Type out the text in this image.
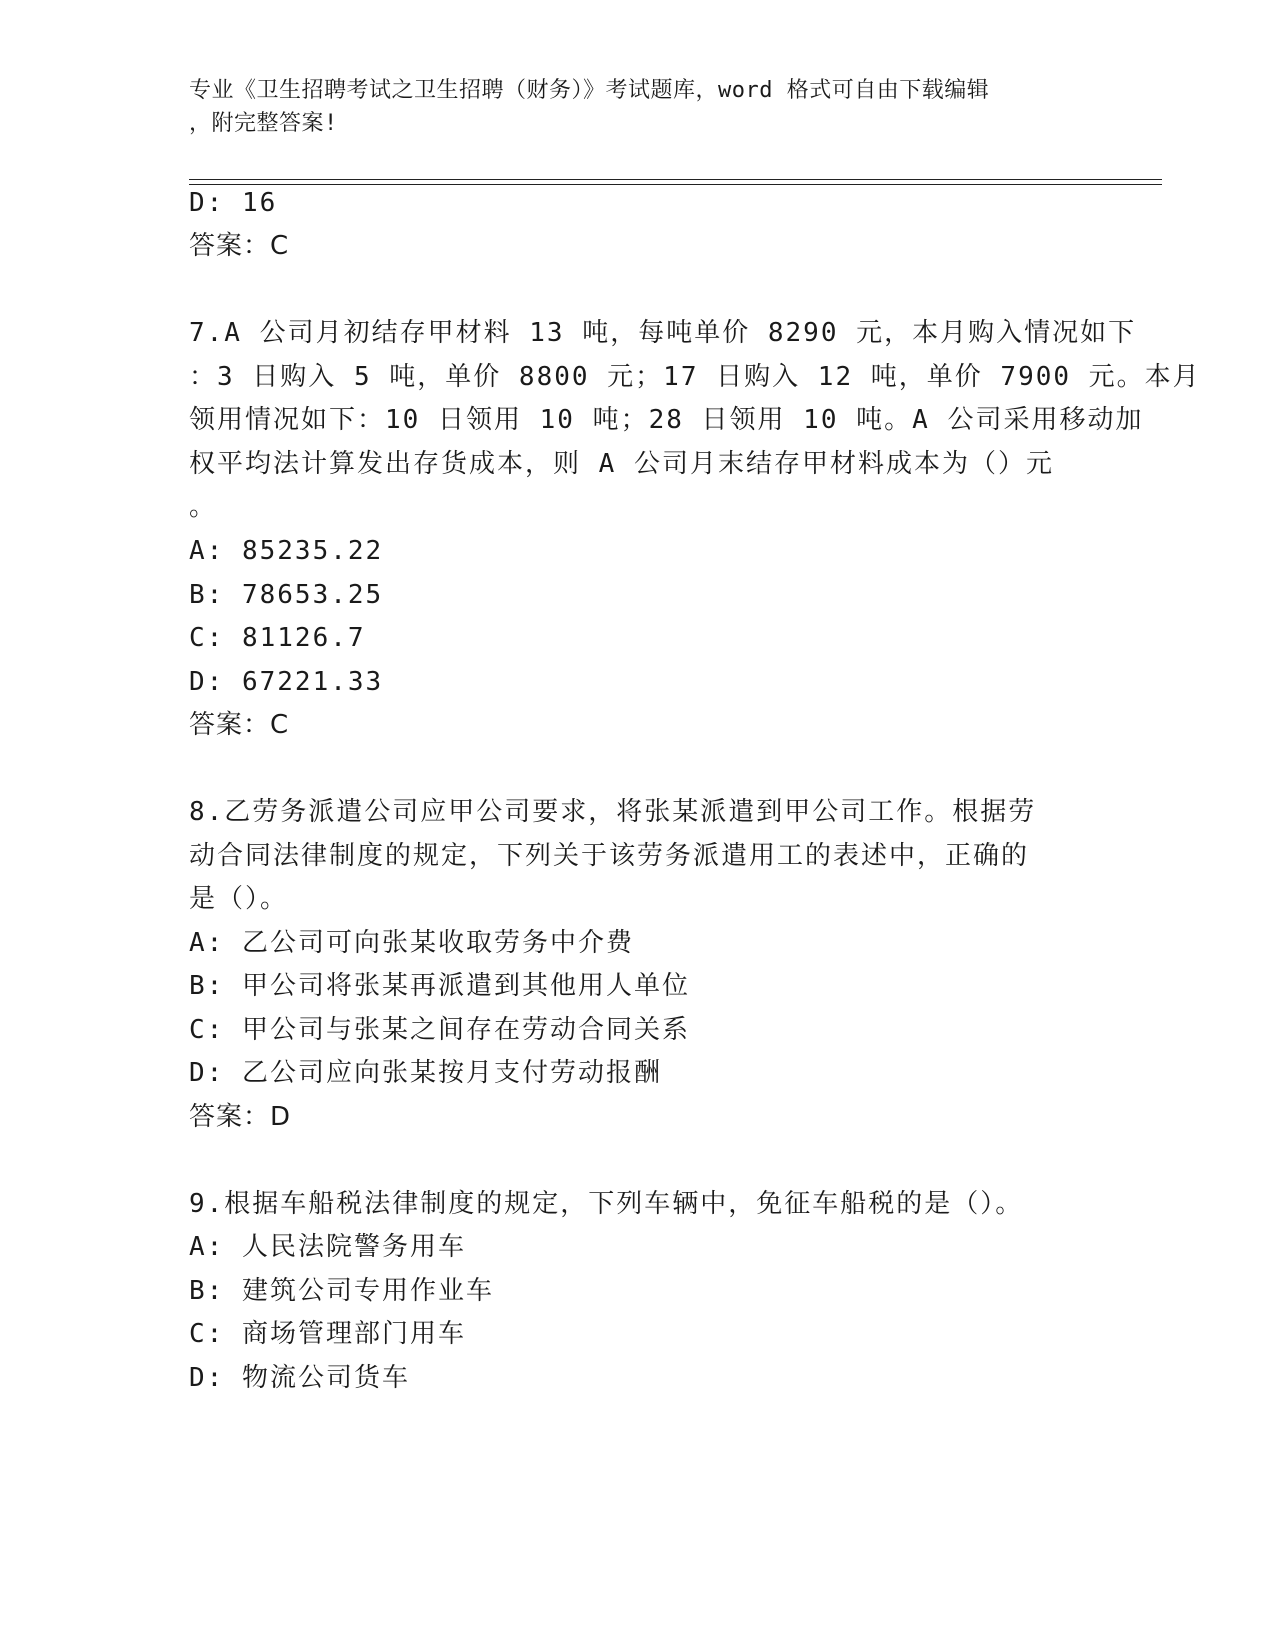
专业《卫生招聘考试之卫生招聘（财务）》考试题库，word 格式可自由下载编辑
，附完整答案!
D: 16
答案：C
7.A 公司月初结存甲材料 13 吨，每吨单价 8290 元，本月购入情况如下
：3 日购入 5 吨，单价 8800 元；17 日购入 12 吨，单价 7900 元。本月
领用情况如下：10 日领用 10 吨；28 日领用 10 吨。A 公司采用移动加
权平均法计算发出存货成本，则 A 公司月末结存甲材料成本为（）元
。
A: 85235.22
B: 78653.25
C: 81126.7
D: 67221.33
答案：C
8.乙劳务派遣公司应甲公司要求，将张某派遣到甲公司工作。根据劳
动合同法律制度的规定，下列关于该劳务派遣用工的表述中，正确的
是（）。
A: 乙公司可向张某收取劳务中介费
B: 甲公司将张某再派遣到其他用人单位
C: 甲公司与张某之间存在劳动合同关系
D: 乙公司应向张某按月支付劳动报酬
答案：D
9.根据车船税法律制度的规定，下列车辆中，免征车船税的是（）。
A: 人民法院警务用车
B: 建筑公司专用作业车
C: 商场管理部门用车
D: 物流公司货车
